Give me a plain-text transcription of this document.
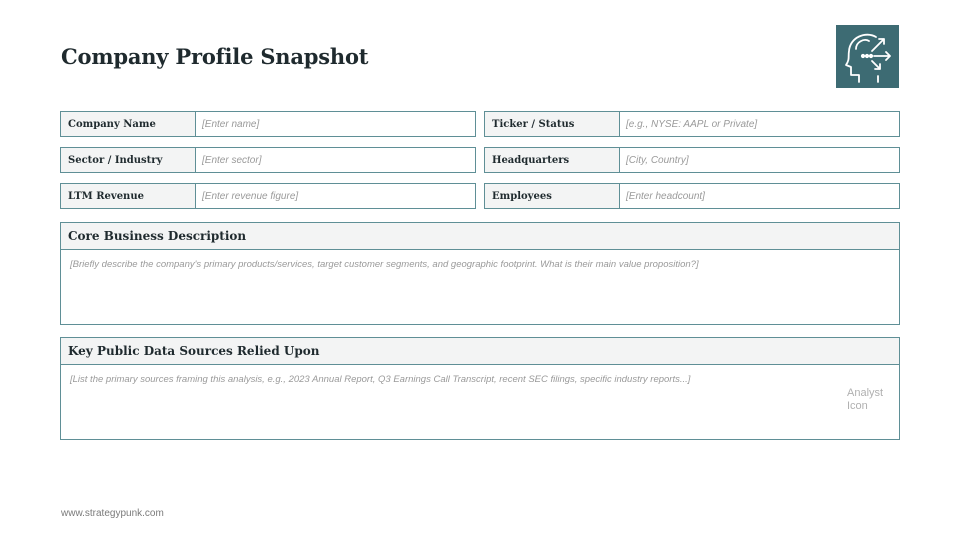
Company Profile Snapshot
Company Name	[Enter name]	Ticker / Status	[e.g., NYSE: AAPL or Private]
Sector / Industry	[Enter sector]	Headquarters	[City, Country]
LTM Revenue	[Enter revenue figure]	Employees	[Enter headcount]
Core Business Description
[Briefly describe the company's primary products/services, target customer segments, and geographic footprint. What is their main value proposition?]
Key Public Data Sources Relied Upon
[List the primary sources framing this analysis, e.g., 2023 Annual Report, Q3 Earnings Call Transcript, recent SEC filings, specific industry reports...]
Analyst Icon
www.strategypunk.com
